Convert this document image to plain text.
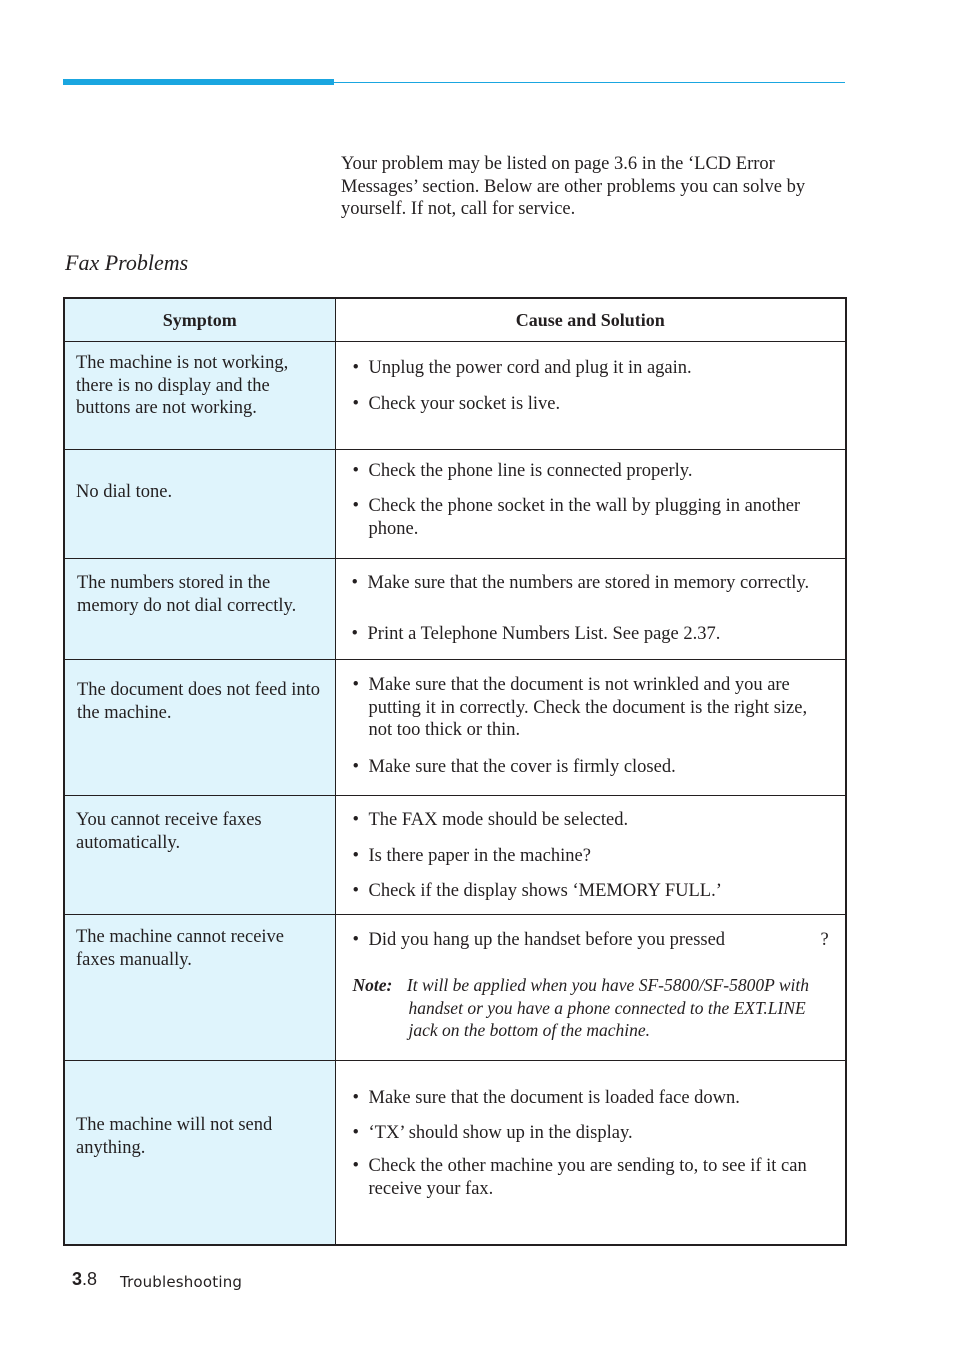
Your problem may be listed on page 3.6 in the ‘LCD Error Messages’ section. Below are other problems you can solve by yourself. If not, call for service.

Fax Problems
Symptom	Cause and Solution

The machine is not working, there is no display and the buttons are not working.	• Unplug the power cord and plug it in again.
• Check your socket is live.

No dial tone.	• Check the phone line is connected properly.
• Check the phone socket in the wall by plugging in another phone.

The numbers stored in the memory do not dial correctly.	• Make sure that the numbers are stored in memory correctly.
• Print a Telephone Numbers List. See page 2.37.

The document does not feed into the machine.	• Make sure that the document is not wrinkled and you are putting it in correctly. Check the document is the right size, not too thick or thin.
• Make sure that the cover is firmly closed.

You cannot receive faxes automatically.	• The FAX mode should be selected.
• Is there paper in the machine?
• Check if the display shows ‘MEMORY FULL.’

The machine cannot receive faxes manually.	• Did you hang up the handset before you pressed ?
Note: It will be applied when you have SF-5800/SF-5800P with handset or you have a phone connected to the EXT.LINE jack on the bottom of the machine.

The machine will not send anything.	• Make sure that the document is loaded face down.
• ‘TX’ should show up in the display.
• Check the other machine you are sending to, to see if it can receive your fax.
3.8 Troubleshooting
